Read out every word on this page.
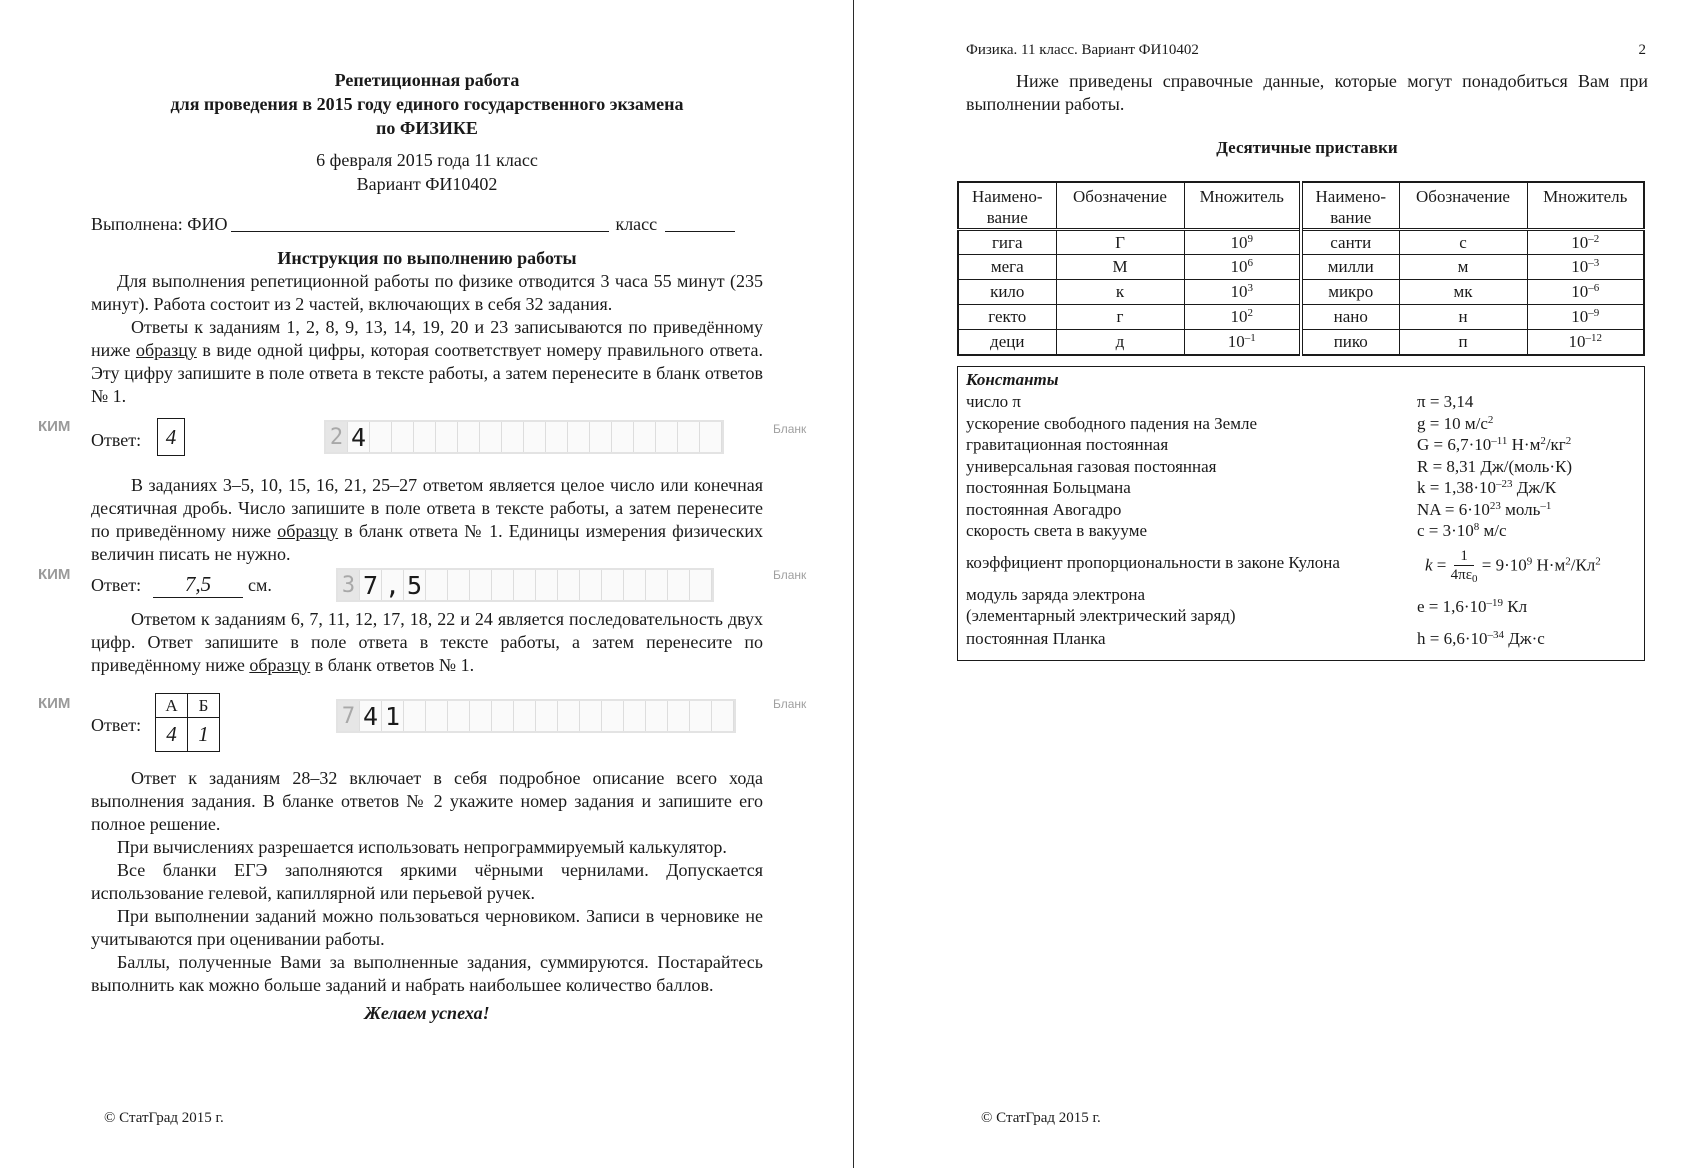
Репетиционная работа
для проведения в 2015 году единого государственного экзамена
по ФИЗИКЕ
6 февраля 2015 года 11 класс
Вариант ФИ10402
Выполнена: ФИО	класс
Инструкция по выполнению работы

Для выполнения репетиционной работы по физике отводится 3 часа 55 минут (235 минут). Работа состоит из 2 частей, включающих в себя 32 задания.

Ответы к заданиям 1, 2, 8, 9, 13, 14, 19, 20 и 23 записываются по приведённому ниже образцу в виде одной цифры, которая соответствует номеру правильного ответа. Эту цифру запишите в поле ответа в тексте работы, а затем перенесите в бланк ответов № 1.

КИМ
Ответ:	4	2 4	Бланк

В заданиях 3–5, 10, 15, 16, 21, 25–27 ответом является целое число или конечная десятичная дробь. Число запишите в поле ответа в тексте работы, а затем перенесите по приведённому ниже образцу в бланк ответа № 1. Единицы измерения физических величин писать не нужно.

КИМ
Ответ:	7,5	см.	3 7 , 5	Бланк

Ответом к заданиям 6, 7, 11, 12, 17, 18, 22 и 24 является последовательность двух цифр. Ответ запишите в поле ответа в тексте работы, а затем перенесите по приведённому ниже образцу в бланк ответов № 1.

КИМ
Ответ:
А	Б
4	1
7 4 1	Бланк

Ответ к заданиям 28–32 включает в себя подробное описание всего хода выполнения задания. В бланке ответов № 2 укажите номер задания и запишите его полное решение.

При вычислениях разрешается использовать непрограммируемый калькулятор.

Все бланки ЕГЭ заполняются яркими чёрными чернилами. Допускается использование гелевой, капиллярной или перьевой ручек.

При выполнении заданий можно пользоваться черновиком. Записи в черновике не учитываются при оценивании работы.

Баллы, полученные Вами за выполненные задания, суммируются. Постарайтесь выполнить как можно больше заданий и набрать наибольшее количество баллов.

Желаем успеха!
© СтатГрад 2015 г.
Физика. 11 класс. Вариант ФИ10402	2

Ниже приведены справочные данные, которые могут понадобиться Вам при выполнении работы.

Десятичные приставки
Наимено-вание	Обозначение	Множитель	Наимено-вание	Обозначение	Множитель
гига	Г	$10^9$	санти	с	$10^{-2}$
мега	М	$10^6$	милли	м	$10^{-3}$
кило	к	$10^3$	микро	мк	$10^{-6}$
гекто	г	$10^2$	нано	н	$10^{-9}$
деци	д	$10^{-1}$	пико	п	$10^{-12}$
Константы
число π	π = 3,14
ускорение свободного падения на Земле	g = 10 $м/с^2$
гравитационная постоянная	$G = 6,7\cdot 10^{-11}$ $Н\cdot м^2/кг^2$
универсальная газовая постоянная	R = 8,31 Дж/(моль·К)
постоянная Больцмана	$k = 1,38\cdot 10^{-23}$ Дж/К
постоянная Авогадро	NA = $6\cdot 10^{23}$ моль$^{-1}$
скорость света в вакууме	$c = 3\cdot 10^8$ м/с
коэффициент пропорциональности в законе Кулона	$k = \frac{1}{4\pi\varepsilon_0} = 9\cdot 10^9$ $Н\cdot м^2/Кл^2$
модуль заряда электрона
(элементарный электрический заряд)	$e = 1,6\cdot 10^{-19}$ Кл
постоянная Планка	$h = 6,6\cdot 10^{-34}$ Дж·с
© СтатГрад 2015 г.
